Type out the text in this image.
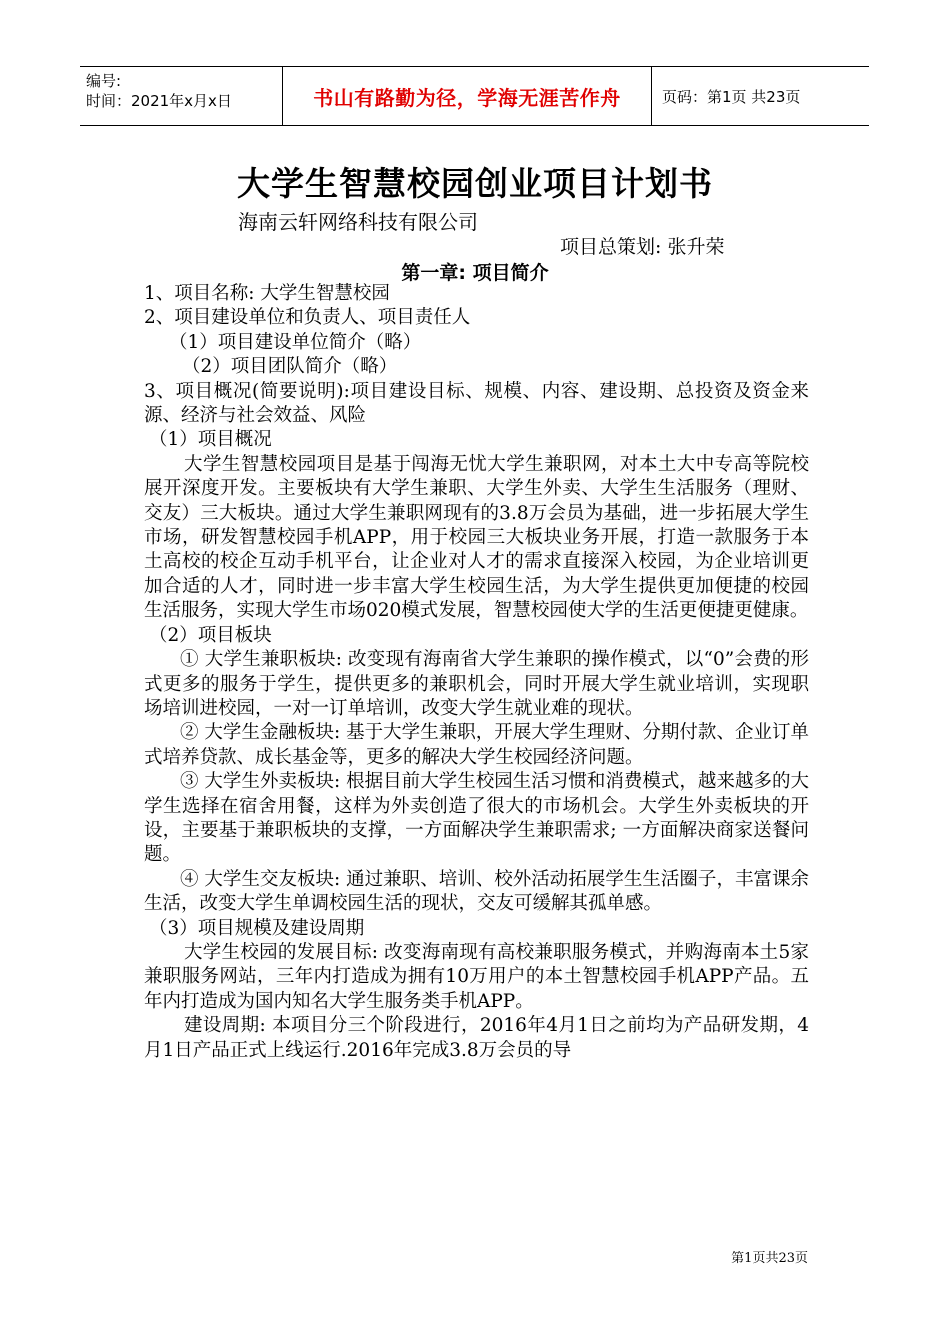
编号:
时间：2021年x月x日	书山有路勤为径，学海无涯苦作舟	页码：第1页 共23页
大学生智慧校园创业项目计划书
海南云轩网络科技有限公司
项目总策划: 张升荣
第一章: 项目简介

1、项目名称: 大学生智慧校园

2、项目建设单位和负责人、项目责任人

（1）项目建设单位简介（略）

（2）项目团队简介（略）

3、项目概况(简要说明):项目建设目标、规模、内容、建设期、总投资及资金来源、经济与社会效益、风险

（1）项目概况

大学生智慧校园项目是基于闯海无忧大学生兼职网，对本土大中专高等院校展开深度开发。主要板块有大学生兼职、大学生外卖、大学生生活服务（理财、交友）三大板块。通过大学生兼职网现有的3.8万会员为基础，进一步拓展大学生市场，研发智慧校园手机APP，用于校园三大板块业务开展，打造一款服务于本土高校的校企互动手机平台，让企业对人才的需求直接深入校园，为企业培训更加合适的人才，同时进一步丰富大学生校园生活，为大学生提供更加便捷的校园生活服务，实现大学生市场020模式发展，智慧校园使大学的生活更便捷更健康。

（2）项目板块

① 大学生兼职板块: 改变现有海南省大学生兼职的操作模式，以“0”会费的形式更多的服务于学生，提供更多的兼职机会，同时开展大学生就业培训，实现职场培训进校园，一对一订单培训，改变大学生就业难的现状。

② 大学生金融板块: 基于大学生兼职，开展大学生理财、分期付款、企业订单式培养贷款、成长基金等，更多的解决大学生校园经济问题。

③ 大学生外卖板块: 根据目前大学生校园生活习惯和消费模式，越来越多的大学生选择在宿舍用餐，这样为外卖创造了很大的市场机会。大学生外卖板块的开设，主要基于兼职板块的支撑，一方面解决学生兼职需求; 一方面解决商家送餐问题。

④ 大学生交友板块: 通过兼职、培训、校外活动拓展学生生活圈子，丰富课余生活，改变大学生单调校园生活的现状，交友可缓解其孤单感。

（3）项目规模及建设周期

大学生校园的发展目标: 改变海南现有高校兼职服务模式，并购海南本土5家兼职服务网站，三年内打造成为拥有10万用户的本土智慧校园手机APP产品。五年内打造成为国内知名大学生服务类手机APP。

建设周期: 本项目分三个阶段进行，2016年4月1日之前均为产品研发期，4月1日产品正式上线运行.2016年完成3.8万会员的导

第1页共23页
